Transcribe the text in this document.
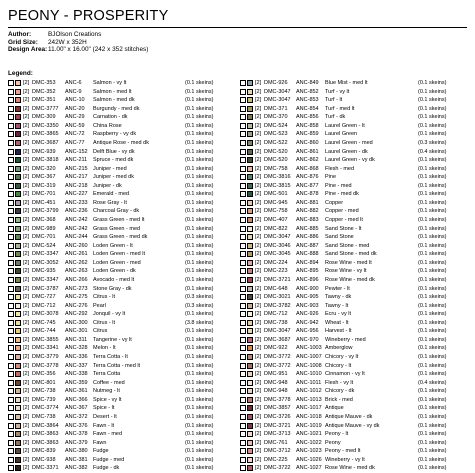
PEONY - PROSPERITY
Author:	BJOlson Creations
Grid Size:	242W x 352H
Design Area: 11.00" x 16.00" (242 x 352 stitches)
Legend:
[2] DMC-353 ANC-6 Salmon - vy lt	(0.1 skeins)
[2] DMC-352 ANC-9 Salmon - med lt	(0.1 skeins)
[2] DMC-351 ANC-10 Salmon - med dk	(0.1 skeins)
[2] DMC-3777 ANC-20 Burgundy - med dk	(0.1 skeins)
[2] DMC-309 ANC-29 Carnation - dk	(0.1 skeins)
[2] DMC-3350 ANC-59 China Rose	(0.1 skeins)
[2] DMC-3865 ANC-72 Raspberry - vy dk	(0.1 skeins)
[2] DMC-3687 ANC-77 Antique Rose - med dk	(0.1 skeins)
[2] DMC-939 ANC-152 Delft Blue - vy dk	(0.1 skeins)
[2] DMC-3818 ANC-211 Spruce - med dk	(0.1 skeins)
[2] DMC-320 ANC-215 Juniper - med	(0.1 skeins)
[2] DMC-367 ANC-217 Juniper - med dk	(0.1 skeins)
[2] DMC-319 ANC-218 Juniper - dk	(0.1 skeins)
[2] DMC-701 ANC-227 Emerald - med	(0.1 skeins)
[2] DMC-451 ANC-233 Rose Gray - lt	(0.1 skeins)
[2] DMC-3799 ANC-236 Charcoal Gray - dk	(0.1 skeins)
[2] DMC-368 ANC-242 Grass Green - med lt	(0.1 skeins)
[2] DMC-989 ANC-242 Grass Green - med	(0.1 skeins)
[2] DMC-701 ANC-244 Grass Green - med dk	(0.1 skeins)
[2] DMC-524 ANC-260 Loden Green - lt	(0.1 skeins)
[2] DMC-3347 ANC-261 Loden Green - med lt	(0.1 skeins)
[2] DMC-3052 ANC-262 Loden Green - med	(0.1 skeins)
[2] DMC-935 ANC-263 Loden Green - dk	(0.1 skeins)
[2] DMC-3347 ANC-266 Avocado - med lt	(0.1 skeins)
[2] DMC-3787 ANC-273 Stone Gray - dk	(0.1 skeins)
[2] DMC-727 ANC-275 Citrus - lt	(0.3 skeins)
[2] DMC-712 ANC-276 Pearl	(0.3 skeins)
[2] DMC-3078 ANC-292 Jonquil - vy lt	(0.1 skeins)
[2] DMC-745 ANC-300 Citrus - lt	(3.8 skeins)
[2] DMC-744 ANC-301 Citrus	(0.1 skeins)
[2] DMC-3855 ANC-311 Tangerine - vy lt	(0.1 skeins)
[2] DMC-3341 ANC-328 Melon - lt	(0.1 skeins)
[2] DMC-3779 ANC-336 Terra Cotta - lt	(0.1 skeins)
[2] DMC-3778 ANC-337 Terra Cotta - med lt	(0.1 skeins)
[2] DMC-356 ANC-338 Terra Cotta	(0.1 skeins)
[2] DMC-801 ANC-359 Coffee - med	(0.1 skeins)
[2] DMC-738 ANC-361 Nutmeg - lt	(0.1 skeins)
[2] DMC-739 ANC-366 Spice - vy lt	(0.1 skeins)
[2] DMC-3774 ANC-367 Spice - lt	(0.1 skeins)
[2] DMC-738 ANC-372 Desert - lt	(0.1 skeins)
[2] DMC-3864 ANC-376 Fawn - lt	(0.1 skeins)
[2] DMC-3863 ANC-378 Fawn - med	(0.1 skeins)
[2] DMC-3863 ANC-379 Fawn	(0.1 skeins)
[2] DMC-839 ANC-380 Fudge	(0.1 skeins)
[2] DMC-938 ANC-381 Fudge - med	(0.1 skeins)
[2] DMC-3371 ANC-382 Fudge - dk	(0.1 skeins)
[2] DMC-926 ANC-849 Blue Mist - med lt	(0.1 skeins)
[2] DMC-3047 ANC-852 Turf - vy lt	(0.1 skeins)
[2] DMC-3047 ANC-853 Turf - lt	(0.1 skeins)
[2] DMC-371 ANC-854 Turf - med lt	(0.1 skeins)
[2] DMC-370 ANC-856 Turf - dk	(0.1 skeins)
[2] DMC-524 ANC-858 Laurel Green - lt	(0.1 skeins)
[2] DMC-523 ANC-859 Laurel Green	(0.1 skeins)
[2] DMC-522 ANC-860 Laurel Green - med	(0.3 skeins)
[2] DMC-520 ANC-861 Laurel Green - dk	(0.4 skeins)
[2] DMC-520 ANC-862 Laurel Green - vy dk	(0.1 skeins)
[2] DMC-758 ANC-868 Flesh - med	(0.1 skeins)
[2] DMC-3816 ANC-876 Pine	(0.1 skeins)
[2] DMC-3815 ANC-877 Pine - med	(0.1 skeins)
[2] DMC-501 ANC-878 Pine - med dk	(0.1 skeins)
[2] DMC-945 ANC-881 Copper	(0.1 skeins)
[2] DMC-758 ANC-882 Copper - med	(0.1 skeins)
[2] DMC-407 ANC-883 Copper - med lt	(0.1 skeins)
[2] DMC-822 ANC-885 Sand Stone - lt	(0.1 skeins)
[2] DMC-3047 ANC-886 Sand Stone	(0.1 skeins)
[2] DMC-3046 ANC-887 Sand Stone - med	(0.1 skeins)
[2] DMC-3045 ANC-888 Sand Stone - med dk	(0.1 skeins)
[2] DMC-224 ANC-894 Rose Wine - med lt	(0.1 skeins)
[2] DMC-223 ANC-895 Rose Wine - vy lt	(0.1 skeins)
[2] DMC-3721 ANC-896 Rose Wine - med dk	(0.1 skeins)
[2] DMC-648 ANC-900 Pewter - lt	(0.1 skeins)
[2] DMC-3021 ANC-905 Tawny - dk	(0.1 skeins)
[2] DMC-3782 ANC-903 Tawny - lt	(0.1 skeins)
[2] DMC-712 ANC-926 Ecru - vy lt	(0.1 skeins)
[2] DMC-738 ANC-942 Wheat - lt	(0.1 skeins)
[2] DMC-3047 ANC-956 Harvest - lt	(0.1 skeins)
[2] DMC-3687 ANC-970 Wineberry - med	(0.1 skeins)
[2] DMC-922 ANC-1003 Amberglow	(0.1 skeins)
[2] DMC-3772 ANC-1007 Chicory - vy lt	(0.1 skeins)
[2] DMC-3772 ANC-1008 Chicory - lt	(0.1 skeins)
[2] DMC-951 ANC-1010 Cinnamon - vy lt	(0.1 skeins)
[2] DMC-948 ANC-1011 Flesh - vy lt	(0.4 skeins)
[2] DMC-948 ANC-1012 Chicory - dk	(0.1 skeins)
[2] DMC-3778 ANC-1013 Brick - med	(0.1 skeins)
[2] DMC-3857 ANC-1017 Antique	(0.1 skeins)
[2] DMC-3726 ANC-1018 Antique Mauve - dk	(0.1 skeins)
[2] DMC-3721 ANC-1019 Antique Mauve - vy dk	(0.1 skeins)
[2] DMC-3713 ANC-1021 Peony - lt	(0.1 skeins)
[2] DMC-761 ANC-1022 Peony	(0.1 skeins)
[2] DMC-3712 ANC-1023 Peony - med lt	(0.1 skeins)
[2] DMC-225 ANC-1026 Wineberry - vy lt	(0.1 skeins)
[2] DMC-3722 ANC-1027 Rose Wine - med dk	(0.1 skeins)
